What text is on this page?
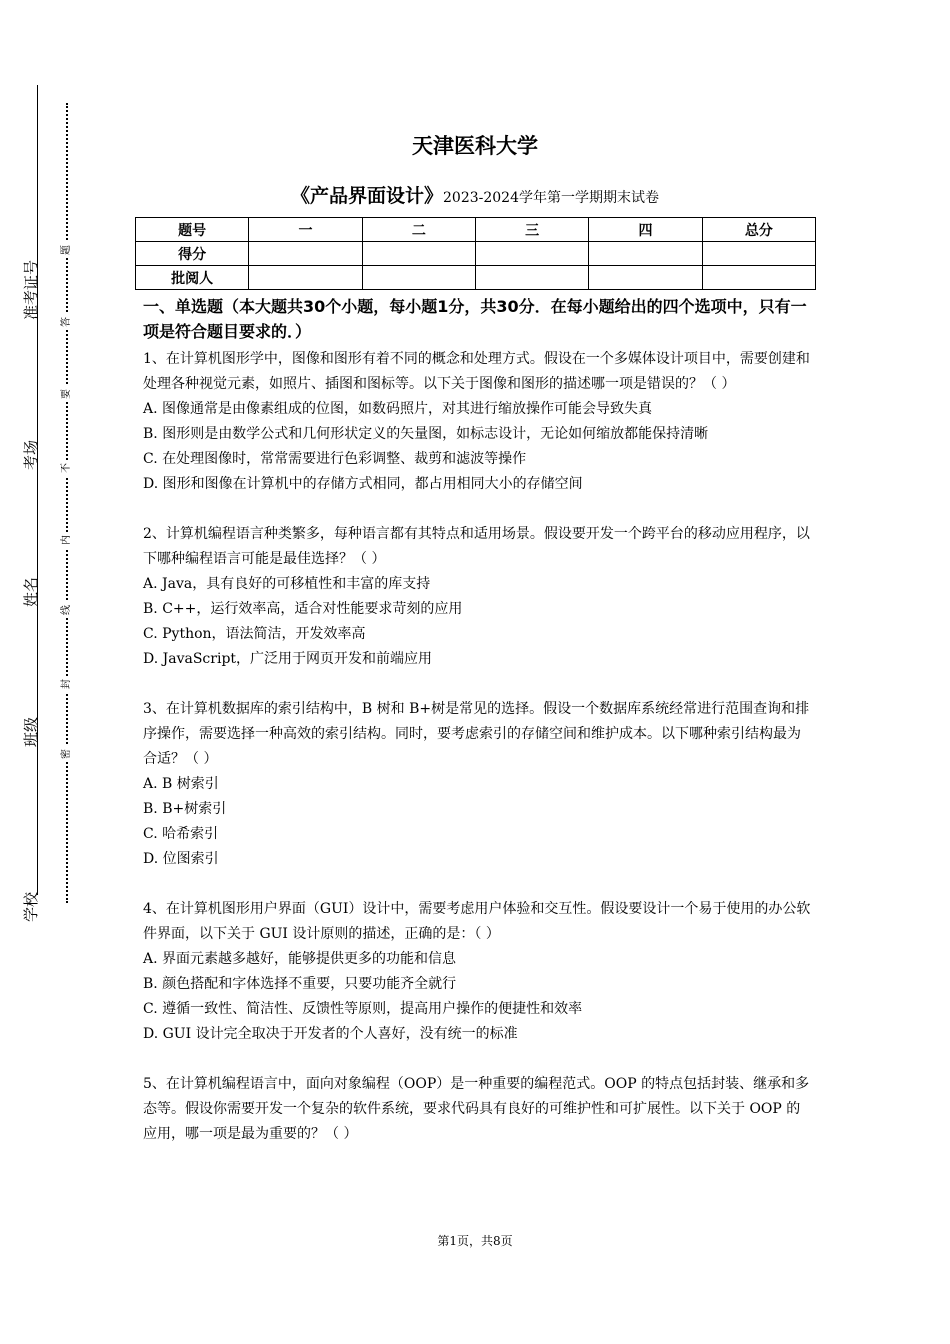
准考证号
考场
姓名
班级
学校
题
答
要
不
内
线
封
密
天津医科大学
《产品界面设计》2023-2024学年第一学期期末试卷
题号	一	二	三	四	总分
得分					
批阅人					
一、单选题（本大题共30个小题，每小题1分，共30分．在每小题给出的四个选项中，只有一项是符合题目要求的．）
1、在计算机图形学中，图像和图形有着不同的概念和处理方式。假设在一个多媒体设计项目中，需要创建和处理各种视觉元素，如照片、插图和图标等。以下关于图像和图形的描述哪一项是错误的？（ ）
A. 图像通常是由像素组成的位图，如数码照片，对其进行缩放操作可能会导致失真
B. 图形则是由数学公式和几何形状定义的矢量图，如标志设计，无论如何缩放都能保持清晰
C. 在处理图像时，常常需要进行色彩调整、裁剪和滤波等操作
D. 图形和图像在计算机中的存储方式相同，都占用相同大小的存储空间
2、计算机编程语言种类繁多，每种语言都有其特点和适用场景。假设要开发一个跨平台的移动应用程序，以下哪种编程语言可能是最佳选择？（ ）
A. Java，具有良好的可移植性和丰富的库支持
B. C++，运行效率高，适合对性能要求苛刻的应用
C. Python，语法简洁，开发效率高
D. JavaScript，广泛用于网页开发和前端应用
3、在计算机数据库的索引结构中，B 树和 B+树是常见的选择。假设一个数据库系统经常进行范围查询和排序操作，需要选择一种高效的索引结构。同时，要考虑索引的存储空间和维护成本。以下哪种索引结构最为合适？（ ）
A. B 树索引
B. B+树索引
C. 哈希索引
D. 位图索引
4、在计算机图形用户界面（GUI）设计中，需要考虑用户体验和交互性。假设要设计一个易于使用的办公软件界面，以下关于 GUI 设计原则的描述，正确的是：（ ）
A. 界面元素越多越好，能够提供更多的功能和信息
B. 颜色搭配和字体选择不重要，只要功能齐全就行
C. 遵循一致性、简洁性、反馈性等原则，提高用户操作的便捷性和效率
D. GUI 设计完全取决于开发者的个人喜好，没有统一的标准
5、在计算机编程语言中，面向对象编程（OOP）是一种重要的编程范式。OOP 的特点包括封装、继承和多态等。假设你需要开发一个复杂的软件系统，要求代码具有良好的可维护性和可扩展性。以下关于 OOP 的应用，哪一项是最为重要的？（ ）
第1页，共8页
